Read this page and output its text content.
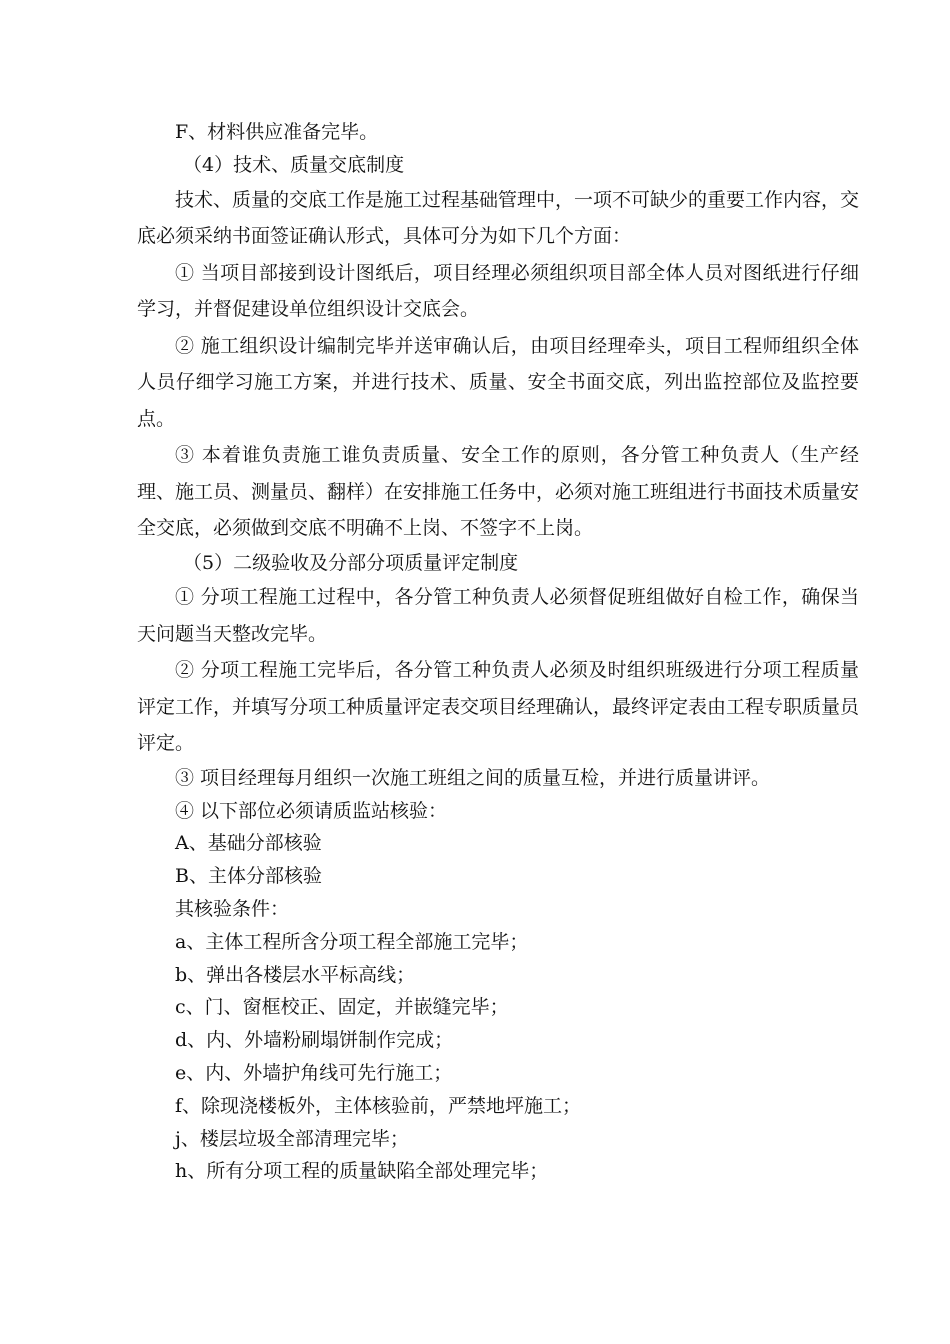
F、材料供应准备完毕。

（4）技术、质量交底制度

技术、质量的交底工作是施工过程基础管理中，一项不可缺少的重要工作内容，交底必须采纳书面签证确认形式，具体可分为如下几个方面：

① 当项目部接到设计图纸后，项目经理必须组织项目部全体人员对图纸进行仔细学习，并督促建设单位组织设计交底会。

② 施工组织设计编制完毕并送审确认后，由项目经理牵头，项目工程师组织全体人员仔细学习施工方案，并进行技术、质量、安全书面交底，列出监控部位及监控要点。

③ 本着谁负责施工谁负责质量、安全工作的原则，各分管工种负责人（生产经理、施工员、测量员、翻样）在安排施工任务中，必须对施工班组进行书面技术质量安全交底，必须做到交底不明确不上岗、不签字不上岗。

（5）二级验收及分部分项质量评定制度

① 分项工程施工过程中，各分管工种负责人必须督促班组做好自检工作，确保当天问题当天整改完毕。

② 分项工程施工完毕后，各分管工种负责人必须及时组织班级进行分项工程质量评定工作，并填写分项工种质量评定表交项目经理确认，最终评定表由工程专职质量员评定。

③ 项目经理每月组织一次施工班组之间的质量互检，并进行质量讲评。

④ 以下部位必须请质监站核验：

A、基础分部核验

B、主体分部核验

其核验条件：

a、主体工程所含分项工程全部施工完毕；

b、弹出各楼层水平标高线；

c、门、窗框校正、固定，并嵌缝完毕；

d、内、外墙粉刷塌饼制作完成；

e、内、外墙护角线可先行施工；

f、除现浇楼板外，主体核验前，严禁地坪施工；

j、楼层垃圾全部清理完毕；

h、所有分项工程的质量缺陷全部处理完毕；
